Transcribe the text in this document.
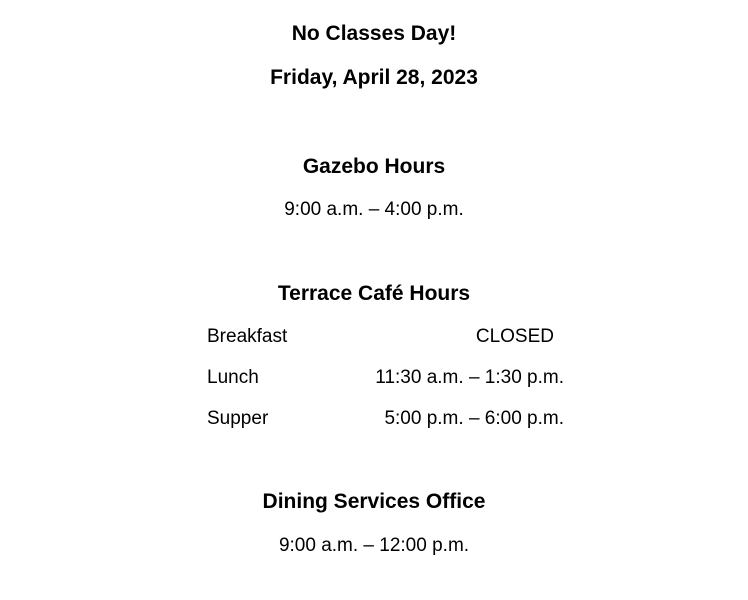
No Classes Day!
Friday, April 28, 2023
Gazebo Hours
9:00 a.m. – 4:00 p.m.
Terrace Café Hours
Breakfast	CLOSED
Lunch	11:30 a.m. – 1:30 p.m.
Supper	5:00 p.m. – 6:00 p.m.
Dining Services Office
9:00 a.m. – 12:00 p.m.
